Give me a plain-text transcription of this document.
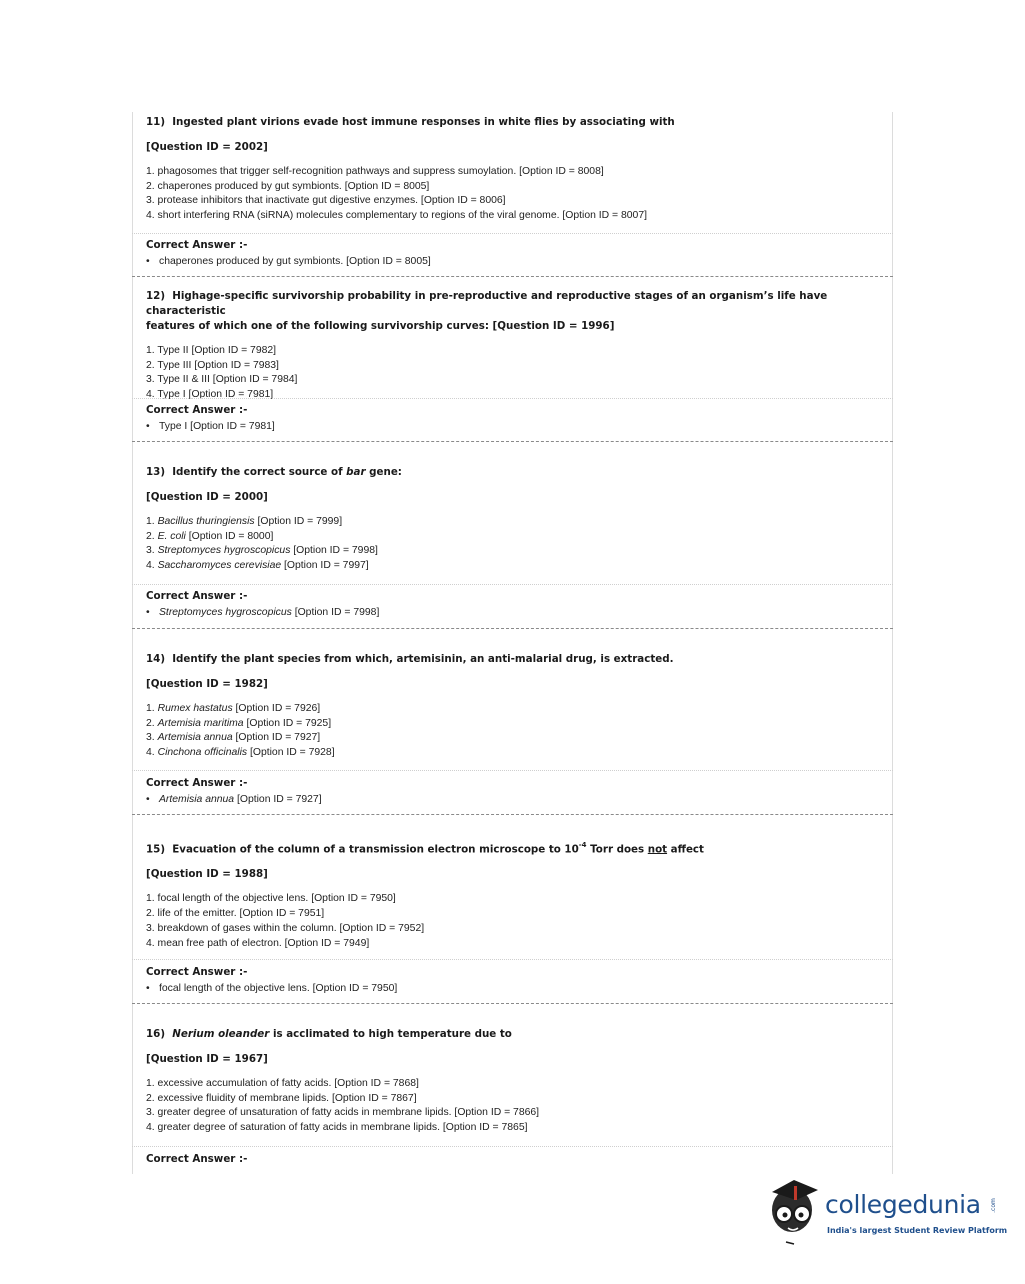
11) Ingested plant virions evade host immune responses in white flies by associating with
[Question ID = 2002]
1. phagosomes that trigger self-recognition pathways and suppress sumoylation. [Option ID = 8008]
2. chaperones produced by gut symbionts. [Option ID = 8005]
3. protease inhibitors that inactivate gut digestive enzymes. [Option ID = 8006]
4. short interfering RNA (siRNA) molecules complementary to regions of the viral genome. [Option ID = 8007]
Correct Answer :-
• chaperones produced by gut symbionts. [Option ID = 8005]
12) Highage-specific survivorship probability in pre-reproductive and reproductive stages of an organism’s life have characteristic
features of which one of the following survivorship curves: [Question ID = 1996]
1. Type II [Option ID = 7982]
2. Type III [Option ID = 7983]
3. Type II & III [Option ID = 7984]
4. Type I [Option ID = 7981]
Correct Answer :-
• Type I [Option ID = 7981]
13) Identify the correct source of bar gene:
[Question ID = 2000]
1. Bacillus thuringiensis [Option ID = 7999]
2. E. coli [Option ID = 8000]
3. Streptomyces hygroscopicus [Option ID = 7998]
4. Saccharomyces cerevisiae [Option ID = 7997]
Correct Answer :-
• Streptomyces hygroscopicus [Option ID = 7998]
14) Identify the plant species from which, artemisinin, an anti-malarial drug, is extracted.
[Question ID = 1982]
1. Rumex hastatus [Option ID = 7926]
2. Artemisia maritima [Option ID = 7925]
3. Artemisia annua [Option ID = 7927]
4. Cinchona officinalis [Option ID = 7928]
Correct Answer :-
• Artemisia annua [Option ID = 7927]
15) Evacuation of the column of a transmission electron microscope to $10^{-4}$ Torr does not affect
[Question ID = 1988]
1. focal length of the objective lens. [Option ID = 7950]
2. life of the emitter. [Option ID = 7951]
3. breakdown of gases within the column. [Option ID = 7952]
4. mean free path of electron. [Option ID = 7949]
Correct Answer :-
• focal length of the objective lens. [Option ID = 7950]
16) Nerium oleander is acclimated to high temperature due to
[Question ID = 1967]
1. excessive accumulation of fatty acids. [Option ID = 7868]
2. excessive fluidity of membrane lipids. [Option ID = 7867]
3. greater degree of unsaturation of fatty acids in membrane lipids. [Option ID = 7866]
4. greater degree of saturation of fatty acids in membrane lipids. [Option ID = 7865]
Correct Answer :-
collegedunia .com
India's largest Student Review Platform
